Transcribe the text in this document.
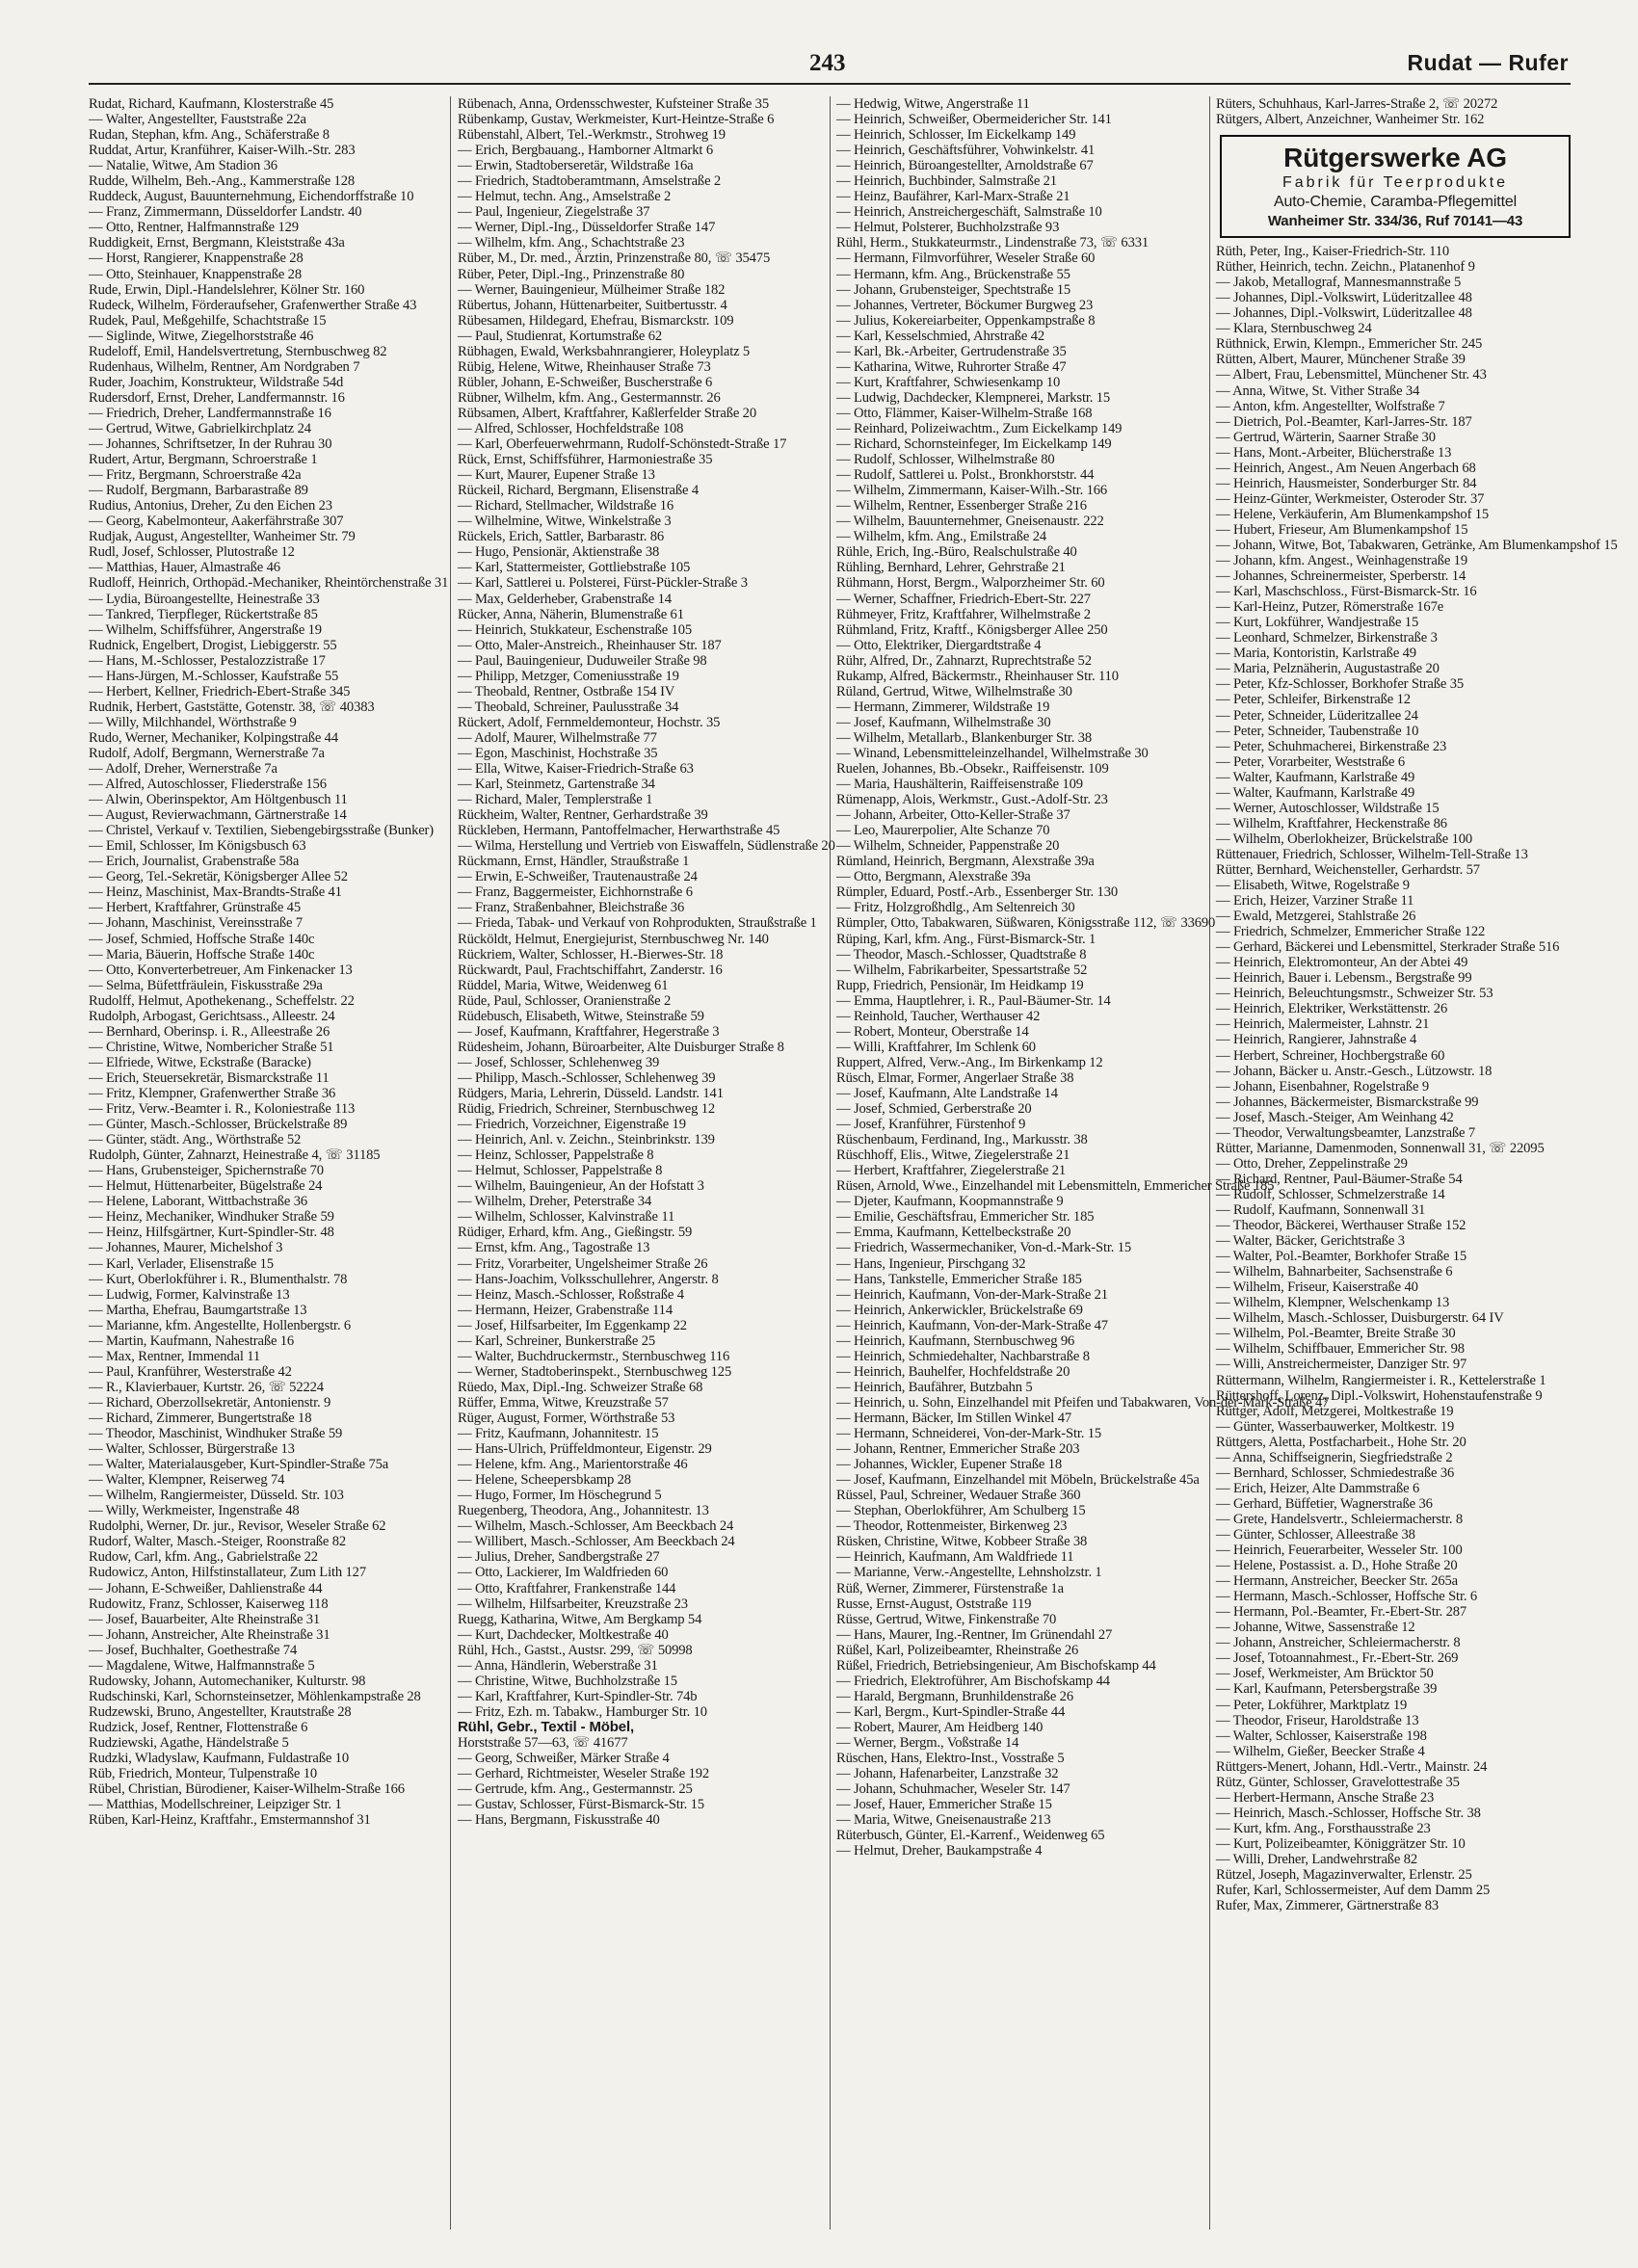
243	Rudat — Rufer
Rudat, Richard, Kaufmann, Klosterstraße 45
— Walter, Angestellter, Fauststraße 22a
Rudan, Stephan, kfm. Ang., Schäferstraße 8
Ruddat, Artur, Kranführer, Kaiser-Wilh.-Str. 283
— Natalie, Witwe, Am Stadion 36
Rudde, Wilhelm, Beh.-Ang., Kammerstraße 128
Ruddeck, August, Bauunternehmung, Eichendorffstraße 10
— Franz, Zimmermann, Düsseldorfer Landstr. 40
— Otto, Rentner, Halfmannstraße 129
Ruddigkeit, Ernst, Bergmann, Kleiststraße 43a
— Horst, Rangierer, Knappenstraße 28
— Otto, Steinhauer, Knappenstraße 28
Rude, Erwin, Dipl.-Handelslehrer, Kölner Str. 160
Rudeck, Wilhelm, Förderaufseher, Grafenwerther Straße 43
Rudek, Paul, Meßgehilfe, Schachtstraße 15
— Siglinde, Witwe, Ziegelhorststraße 46
Rudeloff, Emil, Handelsvertretung, Sternbuschweg 82
Rudenhaus, Wilhelm, Rentner, Am Nordgraben 7
Ruder, Joachim, Konstrukteur, Wildstraße 54d
Rudersdorf, Ernst, Dreher, Landfermannstr. 16
— Friedrich, Dreher, Landfermannstraße 16
— Gertrud, Witwe, Gabrielkirchplatz 24
— Johannes, Schriftsetzer, In der Ruhrau 30
Rudert, Artur, Bergmann, Schroerstraße 1
— Fritz, Bergmann, Schroerstraße 42a
— Rudolf, Bergmann, Barbarastraße 89
Rudius, Antonius, Dreher, Zu den Eichen 23
— Georg, Kabelmonteur, Aakerfährstraße 307
Rudjak, August, Angestellter, Wanheimer Str. 79
Rudl, Josef, Schlosser, Plutostraße 12
— Matthias, Hauer, Almastraße 46
Rudloff, Heinrich, Orthopäd.-Mechaniker, Rheintörchenstraße 31
— Lydia, Büroangestellte, Heinestraße 33
— Tankred, Tierpfleger, Rückertstraße 85
— Wilhelm, Schiffsführer, Angerstraße 19
Rudnick, Engelbert, Drogist, Liebiggerstr. 55
— Hans, M.-Schlosser, Pestalozzistraße 17
— Hans-Jürgen, M.-Schlosser, Kaufstraße 55
— Herbert, Kellner, Friedrich-Ebert-Straße 345
Rudnik, Herbert, Gaststätte, Gotenstr. 38, ☏ 40383
— Willy, Milchhandel, Wörthstraße 9
Rudo, Werner, Mechaniker, Kolpingstraße 44
Rudolf, Adolf, Bergmann, Wernerstraße 7a
— Adolf, Dreher, Wernerstraße 7a
— Alfred, Autoschlosser, Fliederstraße 156
— Alwin, Oberinspektor, Am Höltgenbusch 11
— August, Revierwachmann, Gärtnerstraße 14
— Christel, Verkauf v. Textilien, Siebengebirgsstraße (Bunker)
— Emil, Schlosser, Im Königsbusch 63
— Erich, Journalist, Grabenstraße 58a
— Georg, Tel.-Sekretär, Königsberger Allee 52
— Heinz, Maschinist, Max-Brandts-Straße 41
— Herbert, Kraftfahrer, Grünstraße 45
— Johann, Maschinist, Vereinsstraße 7
— Josef, Schmied, Hoffsche Straße 140c
— Maria, Bäuerin, Hoffsche Straße 140c
— Otto, Konverterbetreuer, Am Finkenacker 13
— Selma, Büfettfräulein, Fiskusstraße 29a
Rudolff, Helmut, Apothekenang., Scheffelstr. 22
Rudolph, Arbogast, Gerichtsass., Alleestr. 24
— Bernhard, Oberinsp. i. R., Alleestraße 26
— Christine, Witwe, Nombericher Straße 51
— Elfriede, Witwe, Eckstraße (Baracke)
— Erich, Steuersekretär, Bismarckstraße 11
— Fritz, Klempner, Grafenwerther Straße 36
— Fritz, Verw.-Beamter i. R., Koloniestraße 113
— Günter, Masch.-Schlosser, Brückelstraße 89
— Günter, städt. Ang., Wörthstraße 52
Rudolph, Günter, Zahnarzt, Heinestraße 4, ☏ 31185
— Hans, Grubensteiger, Spichernstraße 70
— Helmut, Hüttenarbeiter, Bügelstraße 24
— Helene, Laborant, Wittbachstraße 36
— Heinz, Mechaniker, Windhuker Straße 59
— Heinz, Hilfsgärtner, Kurt-Spindler-Str. 48
— Johannes, Maurer, Michelshof 3
— Karl, Verlader, Elisenstraße 15
— Kurt, Oberlokführer i. R., Blumenthalstr. 78
— Ludwig, Former, Kalvinstraße 13
— Martha, Ehefrau, Baumgartstraße 13
— Marianne, kfm. Angestellte, Hollenbergstr. 6
— Martin, Kaufmann, Nahestraße 16
— Max, Rentner, Immendal 11
— Paul, Kranführer, Westerstraße 42
— R., Klavierbauer, Kurtstr. 26, ☏ 52224
— Richard, Oberzollsekretär, Antonienstr. 9
— Richard, Zimmerer, Bungertstraße 18
— Theodor, Maschinist, Windhuker Straße 59
— Walter, Schlosser, Bürgerstraße 13
— Walter, Materialausgeber, Kurt-Spindler-Straße 75a
— Walter, Klempner, Reiserweg 74
— Wilhelm, Rangiermeister, Düsseld. Str. 103
— Willy, Werkmeister, Ingenstraße 48
Rudolphi, Werner, Dr. jur., Revisor, Weseler Straße 62
Rudorf, Walter, Masch.-Steiger, Roonstraße 82
Rudow, Carl, kfm. Ang., Gabrielstraße 22
Rudowicz, Anton, Hilfstinstallateur, Zum Lith 127
— Johann, E-Schweißer, Dahlienstraße 44
Rudowitz, Franz, Schlosser, Kaiserweg 118
— Josef, Bauarbeiter, Alte Rheinstraße 31
— Johann, Anstreicher, Alte Rheinstraße 31
— Josef, Buchhalter, Goethestraße 74
— Magdalene, Witwe, Halfmannstraße 5
Rudowsky, Johann, Automechaniker, Kulturstr. 98
Rudschinski, Karl, Schornsteinsetzer, Möhlenkampstraße 28
Rudzewski, Bruno, Angestellter, Krautstraße 28
Rudzick, Josef, Rentner, Flottenstraße 6
Rudziewski, Agathe, Händelstraße 5
Rudzki, Wladyslaw, Kaufmann, Fuldastraße 10
Rüb, Friedrich, Monteur, Tulpenstraße 10
Rübel, Christian, Bürodiener, Kaiser-Wilhelm-Straße 166
— Matthias, Modellschreiner, Leipziger Str. 1
Rüben, Karl-Heinz, Kraftfahr., Emstermannshof 31
Rübenach, Anna, Ordensschwester, Kufsteiner Straße 35
Rübenkamp, Gustav, Werkmeister, Kurt-Heintze-Straße 6
Rübenstahl, Albert, Tel.-Werkmstr., Strohweg 19
— Erich, Bergbauang., Hamborner Altmarkt 6
— Erwin, Stadtoberseretär, Wildstraße 16a
— Friedrich, Stadtoberamtmann, Amselstraße 2
— Helmut, techn. Ang., Amselstraße 2
— Paul, Ingenieur, Ziegelstraße 37
— Werner, Dipl.-Ing., Düsseldorfer Straße 147
— Wilhelm, kfm. Ang., Schachtstraße 23
Rüber, M., Dr. med., Ärztin, Prinzenstraße 80, ☏ 35475
Rüber, Peter, Dipl.-Ing., Prinzenstraße 80
— Werner, Bauingenieur, Mülheimer Straße 182
Rübertus, Johann, Hüttenarbeiter, Suitbertusstr. 4
Rübesamen, Hildegard, Ehefrau, Bismarckstr. 109
— Paul, Studienrat, Kortumstraße 62
Rübhagen, Ewald, Werksbahnrangierer, Holeyplatz 5
Rübig, Helene, Witwe, Rheinhauser Straße 73
Rübler, Johann, E-Schweißer, Buscherstraße 6
Rübner, Wilhelm, kfm. Ang., Gestermannstr. 26
Rübsamen, Albert, Kraftfahrer, Kaßlerfelder Straße 20
— Alfred, Schlosser, Hochfeldstraße 108
— Karl, Oberfeuerwehrmann, Rudolf-Schönstedt-Straße 17
Rück, Ernst, Schiffsführer, Harmoniestraße 35
— Kurt, Maurer, Eupener Straße 13
Rückeil, Richard, Bergmann, Elisenstraße 4
— Richard, Stellmacher, Wildstraße 16
— Wilhelmine, Witwe, Winkelstraße 3
Rückels, Erich, Sattler, Barbarastr. 86
— Hugo, Pensionär, Aktienstraße 38
— Karl, Stattermeister, Gottliebstraße 105
— Karl, Sattlerei u. Polsterei, Fürst-Pückler-Straße 3
— Max, Gelderheber, Grabenstraße 14
Rücker, Anna, Näherin, Blumenstraße 61
— Heinrich, Stukkateur, Eschenstraße 105
— Otto, Maler-Anstreich., Rheinhauser Str. 187
— Paul, Bauingenieur, Duduweiler Straße 98
— Philipp, Metzger, Comeniusstraße 19
— Theobald, Rentner, Ostbraße 154 IV
— Theobald, Schreiner, Paulusstraße 34
Rückert, Adolf, Fernmeldemonteur, Hochstr. 35
— Adolf, Maurer, Wilhelmstraße 77
— Egon, Maschinist, Hochstraße 35
— Ella, Witwe, Kaiser-Friedrich-Straße 63
— Karl, Steinmetz, Gartenstraße 34
— Richard, Maler, Templerstraße 1
Rückheim, Walter, Rentner, Gerhardstraße 39
Rückleben, Hermann, Pantoffelmacher, Herwarthstraße 45
— Wilma, Herstellung und Vertrieb von Eiswaffeln, Südlenstraße 20
Rückmann, Ernst, Händler, Straußstraße 1
— Erwin, E-Schweißer, Trautenaustraße 24
— Franz, Baggermeister, Eichhornstraße 6
— Franz, Straßenbahner, Bleichstraße 36
— Frieda, Tabak- und Verkauf von Rohprodukten, Straußstraße 1
Rücköldt, Helmut, Energiejurist, Sternbuschweg Nr. 140
Rückriem, Walter, Schlosser, H.-Bierwes-Str. 18
Rückwardt, Paul, Frachtschiffahrt, Zanderstr. 16
Rüddel, Maria, Witwe, Weidenweg 61
Rüde, Paul, Schlosser, Oranienstraße 2
Rüdebusch, Elisabeth, Witwe, Steinstraße 59
— Josef, Kaufmann, Kraftfahrer, Hegerstraße 3
Rüdesheim, Johann, Büroarbeiter, Alte Duisburger Straße 8
— Josef, Schlosser, Schlehenweg 39
— Philipp, Masch.-Schlosser, Schlehenweg 39
Rüdgers, Maria, Lehrerin, Düsseld. Landstr. 141
Rüdig, Friedrich, Schreiner, Sternbuschweg 12
— Friedrich, Vorzeichner, Eigenstraße 19
— Heinrich, Anl. v. Zeichn., Steinbrinkstr. 139
— Heinz, Schlosser, Pappelstraße 8
— Helmut, Schlosser, Pappelstraße 8
— Wilhelm, Bauingenieur, An der Hofstatt 3
— Wilhelm, Dreher, Peterstraße 34
— Wilhelm, Schlosser, Kalvinstraße 11
Rüdiger, Erhard, kfm. Ang., Gießingstr. 59
— Ernst, kfm. Ang., Tagostraße 13
— Fritz, Vorarbeiter, Ungelsheimer Straße 26
— Hans-Joachim, Volksschullehrer, Angerstr. 8
— Heinz, Masch.-Schlosser, Roßstraße 4
— Hermann, Heizer, Grabenstraße 114
— Josef, Hilfsarbeiter, Im Eggenkamp 22
— Karl, Schreiner, Bunkerstraße 25
— Walter, Buchdruckermstr., Sternbuschweg 116
— Werner, Stadtoberinspekt., Sternbuschweg 125
Rüedo, Max, Dipl.-Ing. Schweizer Straße 68
Rüffer, Emma, Witwe, Kreuzstraße 57
Rüger, August, Former, Wörthstraße 53
— Fritz, Kaufmann, Johannitestr. 15
— Hans-Ulrich, Prüffeldmonteur, Eigenstr. 29
— Helene, kfm. Ang., Marientorstraße 46
— Helene, Scheepersbkamp 28
— Hugo, Former, Im Höschegrund 5
Ruegenberg, Theodora, Ang., Johannitestr. 13
— Wilhelm, Masch.-Schlosser, Am Beeckbach 24
— Willibert, Masch.-Schlosser, Am Beeckbach 24
— Julius, Dreher, Sandbergstraße 27
— Otto, Lackierer, Im Waldfrieden 60
— Otto, Kraftfahrer, Frankenstraße 144
— Wilhelm, Hilfsarbeiter, Kreuzstraße 23
Ruegg, Katharina, Witwe, Am Bergkamp 54
— Kurt, Dachdecker, Moltkestraße 40
Rühl, Hch., Gastst., Austsr. 299, ☏ 50998
— Anna, Händlerin, Weberstraße 31
— Christine, Witwe, Buchholzstraße 15
— Karl, Kraftfahrer, Kurt-Spindler-Str. 74b
— Fritz, Ezh. m. Tabakw., Hamburger Str. 10
Rühl, Gebr., Textil - Möbel,
Horststraße 57—63, ☏ 41677
— Georg, Schweißer, Märker Straße 4
— Gerhard, Richtmeister, Weseler Straße 192
— Gertrude, kfm. Ang., Gestermannstr. 25
— Gustav, Schlosser, Fürst-Bismarck-Str. 15
— Hans, Bergmann, Fiskusstraße 40
— Hedwig, Witwe, Angerstraße 11
— Heinrich, Schweißer, Obermeidericher Str. 141
— Heinrich, Schlosser, Im Eickelkamp 149
— Heinrich, Geschäftsführer, Vohwinkelstr. 41
— Heinrich, Büroangestellter, Arnoldstraße 67
— Heinrich, Buchbinder, Salmstraße 21
— Heinz, Baufährer, Karl-Marx-Straße 21
— Heinrich, Anstreichergeschäft, Salmstraße 10
— Helmut, Polsterer, Buchholzstraße 93
Rühl, Herm., Stukkateurmstr., Lindenstraße 73, ☏ 6331
— Hermann, Filmvorführer, Weseler Straße 60
— Hermann, kfm. Ang., Brückenstraße 55
— Johann, Grubensteiger, Spechtstraße 15
— Johannes, Vertreter, Böckumer Burgweg 23
— Julius, Kokereiarbeiter, Oppenkampstraße 8
— Karl, Kesselschmied, Ahrstraße 42
— Karl, Bk.-Arbeiter, Gertrudenstraße 35
— Katharina, Witwe, Ruhrorter Straße 47
— Kurt, Kraftfahrer, Schwiesenkamp 10
— Ludwig, Dachdecker, Klempnerei, Markstr. 15
— Otto, Flämmer, Kaiser-Wilhelm-Straße 168
— Reinhard, Polizeiwachtm., Zum Eickelkamp 149
— Richard, Schornsteinfeger, Im Eickelkamp 149
— Rudolf, Schlosser, Wilhelmstraße 80
— Rudolf, Sattlerei u. Polst., Bronkhorststr. 44
— Wilhelm, Zimmermann, Kaiser-Wilh.-Str. 166
— Wilhelm, Rentner, Essenberger Straße 216
— Wilhelm, Bauunternehmer, Gneisenaustr. 222
— Wilhelm, kfm. Ang., Emilstraße 24
Rühle, Erich, Ing.-Büro, Realschulstraße 40
Rühling, Bernhard, Lehrer, Gehrstraße 21
Rühmann, Horst, Bergm., Walporzheimer Str. 60
— Werner, Schaffner, Friedrich-Ebert-Str. 227
Rühmeyer, Fritz, Kraftfahrer, Wilhelmstraße 2
Rühmland, Fritz, Kraftf., Königsberger Allee 250
— Otto, Elektriker, Diergardtstraße 4
Rühr, Alfred, Dr., Zahnarzt, Ruprechtstraße 52
Rukamp, Alfred, Bäckermstr., Rheinhauser Str. 110
Rüland, Gertrud, Witwe, Wilhelmstraße 30
— Hermann, Zimmerer, Wildstraße 19
— Josef, Kaufmann, Wilhelmstraße 30
— Wilhelm, Metallarb., Blankenburger Str. 38
— Winand, Lebensmitteleinzelhandel, Wilhelmstraße 30
Ruelen, Johannes, Bb.-Obsekr., Raiffeisenstr. 109
— Maria, Haushälterin, Raiffeisenstraße 109
Rümenapp, Alois, Werkmstr., Gust.-Adolf-Str. 23
— Johann, Arbeiter, Otto-Keller-Straße 37
— Leo, Maurerpolier, Alte Schanze 70
— Wilhelm, Schneider, Pappenstraße 20
Rümland, Heinrich, Bergmann, Alexstraße 39a
— Otto, Bergmann, Alexstraße 39a
Rümpler, Eduard, Postf.-Arb., Essenberger Str. 130
— Fritz, Holzgroßhdlg., Am Seltenreich 30
Rümpler, Otto, Tabakwaren, Süßwaren, Königsstraße 112, ☏ 33690
Rüping, Karl, kfm. Ang., Fürst-Bismarck-Str. 1
— Theodor, Masch.-Schlosser, Quadtstraße 8
— Wilhelm, Fabrikarbeiter, Spessartstraße 52
Rupp, Friedrich, Pensionär, Im Heidkamp 19
— Emma, Hauptlehrer, i. R., Paul-Bäumer-Str. 14
— Reinhold, Taucher, Werthauser 42
— Robert, Monteur, Oberstraße 14
— Willi, Kraftfahrer, Im Schlenk 60
Ruppert, Alfred, Verw.-Ang., Im Birkenkamp 12
Rüsch, Elmar, Former, Angerlaer Straße 38
— Josef, Kaufmann, Alte Landstraße 14
— Josef, Schmied, Gerberstraße 20
— Josef, Kranführer, Fürstenhof 9
Rüschenbaum, Ferdinand, Ing., Markusstr. 38
Rüschhoff, Elis., Witwe, Ziegelerstraße 21
— Herbert, Kraftfahrer, Ziegelerstraße 21
Rüsen, Arnold, Wwe., Einzelhandel mit Lebensmitteln, Emmericher Straße 185
— Djeter, Kaufmann, Koopmannstraße 9
— Emilie, Geschäftsfrau, Emmericher Str. 185
— Emma, Kaufmann, Kettelbeckstraße 20
— Friedrich, Wassermechaniker, Von-d.-Mark-Str. 15
— Hans, Ingenieur, Pirschgang 32
— Hans, Tankstelle, Emmericher Straße 185
— Heinrich, Kaufmann, Von-der-Mark-Straße 21
— Heinrich, Ankerwickler, Brückelstraße 69
— Heinrich, Kaufmann, Von-der-Mark-Straße 47
— Heinrich, Kaufmann, Sternbuschweg 96
— Heinrich, Schmiedehalter, Nachbarstraße 8
— Heinrich, Bauhelfer, Hochfeldstraße 20
— Heinrich, Baufährer, Butzbahn 5
— Heinrich, u. Sohn, Einzelhandel mit Pfeifen und Tabakwaren, Von-der-Mark-Straße 47
— Hermann, Bäcker, Im Stillen Winkel 47
— Hermann, Schneiderei, Von-der-Mark-Str. 15
— Johann, Rentner, Emmericher Straße 203
— Johannes, Wickler, Eupener Straße 18
— Josef, Kaufmann, Einzelhandel mit Möbeln, Brückelstraße 45a
Rüssel, Paul, Schreiner, Wedauer Straße 360
— Stephan, Oberlokführer, Am Schulberg 15
— Theodor, Rottenmeister, Birkenweg 23
Rüsken, Christine, Witwe, Kobbeer Straße 38
— Heinrich, Kaufmann, Am Waldfriede 11
— Marianne, Verw.-Angestellte, Lehnsholzstr. 1
Rüß, Werner, Zimmerer, Fürstenstraße 1a
Russe, Ernst-August, Oststraße 119
Rüsse, Gertrud, Witwe, Finkenstraße 70
— Hans, Maurer, Ing.-Rentner, Im Grünendahl 27
Rüßel, Karl, Polizeibeamter, Rheinstraße 26
Rüßel, Friedrich, Betriebsingenieur, Am Bischofskamp 44
— Friedrich, Elektroführer, Am Bischofskamp 44
— Harald, Bergmann, Brunhildenstraße 26
— Karl, Bergm., Kurt-Spindler-Straße 44
— Robert, Maurer, Am Heidberg 140
— Werner, Bergm., Voßstraße 14
Rüschen, Hans, Elektro-Inst., Vosstraße 5
— Johann, Hafenarbeiter, Lanzstraße 32
— Johann, Schuhmacher, Weseler Str. 147
— Josef, Hauer, Emmericher Straße 15
— Maria, Witwe, Gneisenaustraße 213
Rüterbusch, Günter, El.-Karrenf., Weidenweg 65
— Helmut, Dreher, Baukampstraße 4
Rüters, Schuhhaus, Karl-Jarres-Straße 2, ☏ 20272
Rütgers, Albert, Anzeichner, Wanheimer Str. 162
Rütgerswerke AG
Fabrik für Teerprodukte
Auto-Chemie, Caramba-Pflegemittel
Wanheimer Str. 334/36, Ruf 70141—43
Rüth, Peter, Ing., Kaiser-Friedrich-Str. 110
Rüther, Heinrich, techn. Zeichn., Platanenhof 9
— Jakob, Metallograf, Mannesmannstraße 5
— Johannes, Dipl.-Volkswirt, Lüderitzallee 48
— Johannes, Dipl.-Volkswirt, Lüderitzallee 48
— Klara, Sternbuschweg 24
Rüthnick, Erwin, Klempn., Emmericher Str. 245
Rütten, Albert, Maurer, Münchener Straße 39
— Albert, Frau, Lebensmittel, Münchener Str. 43
— Anna, Witwe, St. Vither Straße 34
— Anton, kfm. Angestellter, Wolfstraße 7
— Dietrich, Pol.-Beamter, Karl-Jarres-Str. 187
— Gertrud, Wärterin, Saarner Straße 30
— Hans, Mont.-Arbeiter, Blücherstraße 13
— Heinrich, Angest., Am Neuen Angerbach 68
— Heinrich, Hausmeister, Sonderburger Str. 84
— Heinz-Günter, Werkmeister, Osteroder Str. 37
— Helene, Verkäuferin, Am Blumenkampshof 15
— Hubert, Frieseur, Am Blumenkampshof 15
— Johann, Witwe, Bot, Tabakwaren, Getränke, Am Blumenkampshof 15
— Johann, kfm. Angest., Weinhagenstraße 19
— Johannes, Schreinermeister, Sperberstr. 14
— Karl, Maschschloss., Fürst-Bismarck-Str. 16
— Karl-Heinz, Putzer, Römerstraße 167e
— Kurt, Lokführer, Wandjestraße 15
— Leonhard, Schmelzer, Birkenstraße 3
— Maria, Kontoristin, Karlstraße 49
— Maria, Pelznäherin, Augustastraße 20
— Peter, Kfz-Schlosser, Borkhofer Straße 35
— Peter, Schleifer, Birkenstraße 12
— Peter, Schneider, Lüderitzallee 24
— Peter, Schneider, Taubenstraße 10
— Peter, Schuhmacherei, Birkenstraße 23
— Peter, Vorarbeiter, Weststraße 6
— Walter, Kaufmann, Karlstraße 49
— Walter, Kaufmann, Karlstraße 49
— Werner, Autoschlosser, Wildstraße 15
— Wilhelm, Kraftfahrer, Heckenstraße 86
— Wilhelm, Oberlokheizer, Brückelstraße 100
Rüttenauer, Friedrich, Schlosser, Wilhelm-Tell-Straße 13
Rütter, Bernhard, Weichensteller, Gerhardstr. 57
— Elisabeth, Witwe, Rogelstraße 9
— Erich, Heizer, Varziner Straße 11
— Ewald, Metzgerei, Stahlstraße 26
— Friedrich, Schmelzer, Emmericher Straße 122
— Gerhard, Bäckerei und Lebensmittel, Sterkrader Straße 516
— Heinrich, Elektromonteur, An der Abtei 49
— Heinrich, Bauer i. Lebensm., Bergstraße 99
— Heinrich, Beleuchtungsmstr., Schweizer Str. 53
— Heinrich, Elektriker, Werkstättenstr. 26
— Heinrich, Malermeister, Lahnstr. 21
— Heinrich, Rangierer, Jahnstraße 4
— Herbert, Schreiner, Hochbergstraße 60
— Johann, Bäcker u. Anstr.-Gesch., Lützowstr. 18
— Johann, Eisenbahner, Rogelstraße 9
— Johannes, Bäckermeister, Bismarckstraße 99
— Josef, Masch.-Steiger, Am Weinhang 42
— Theodor, Verwaltungsbeamter, Lanzstraße 7
Rütter, Marianne, Damenmoden, Sonnenwall 31, ☏ 22095
— Otto, Dreher, Zeppelinstraße 29
— Richard, Rentner, Paul-Bäumer-Straße 54
— Rudolf, Schlosser, Schmelzerstraße 14
— Rudolf, Kaufmann, Sonnenwall 31
— Theodor, Bäckerei, Werthauser Straße 152
— Walter, Bäcker, Gerichtstraße 3
— Walter, Pol.-Beamter, Borkhofer Straße 15
— Wilhelm, Bahnarbeiter, Sachsenstraße 6
— Wilhelm, Friseur, Kaiserstraße 40
— Wilhelm, Klempner, Welschenkamp 13
— Wilhelm, Masch.-Schlosser, Duisburgerstr. 64 IV
— Wilhelm, Pol.-Beamter, Breite Straße 30
— Wilhelm, Schiffbauer, Emmericher Str. 98
— Willi, Anstreichermeister, Danziger Str. 97
Rüttermann, Wilhelm, Rangiermeister i. R., Kettelerstraße 1
Rüttershoff, Lorenz, Dipl.-Volkswirt, Hohenstaufenstraße 9
Rüttger, Adolf, Metzgerei, Moltkestraße 19
— Günter, Wasserbauwerker, Moltkestr. 19
Rüttgers, Aletta, Postfacharbeit., Hohe Str. 20
— Anna, Schiffseignerin, Siegfriedstraße 2
— Bernhard, Schlosser, Schmiedestraße 36
— Erich, Heizer, Alte Dammstraße 6
— Gerhard, Büffetier, Wagnerstraße 36
— Grete, Handelsvertr., Schleiermacherstr. 8
— Günter, Schlosser, Alleestraße 38
— Heinrich, Feuerarbeiter, Wesseler Str. 100
— Helene, Postassist. a. D., Hohe Straße 20
— Hermann, Anstreicher, Beecker Str. 265a
— Hermann, Masch.-Schlosser, Hoffsche Str. 6
— Hermann, Pol.-Beamter, Fr.-Ebert-Str. 287
— Johanne, Witwe, Sassenstraße 12
— Johann, Anstreicher, Schleiermacherstr. 8
— Josef, Totoannahmest., Fr.-Ebert-Str. 269
— Josef, Werkmeister, Am Brücktor 50
— Karl, Kaufmann, Petersbergstraße 39
— Peter, Lokführer, Marktplatz 19
— Theodor, Friseur, Haroldstraße 13
— Walter, Schlosser, Kaiserstraße 198
— Wilhelm, Gießer, Beecker Straße 4
Rüttgers-Menert, Johann, Hdl.-Vertr., Mainstr. 24
Rütz, Günter, Schlosser, Gravelottestraße 35
— Herbert-Hermann, Ansche Straße 23
— Heinrich, Masch.-Schlosser, Hoffsche Str. 38
— Kurt, kfm. Ang., Forsthausstraße 23
— Kurt, Polizeibeamter, Königgrätzer Str. 10
— Willi, Dreher, Landwehrstraße 82
Rützel, Joseph, Magazinverwalter, Erlenstr. 25
Rufer, Karl, Schlossermeister, Auf dem Damm 25
Rufer, Max, Zimmerer, Gärtnerstraße 83
